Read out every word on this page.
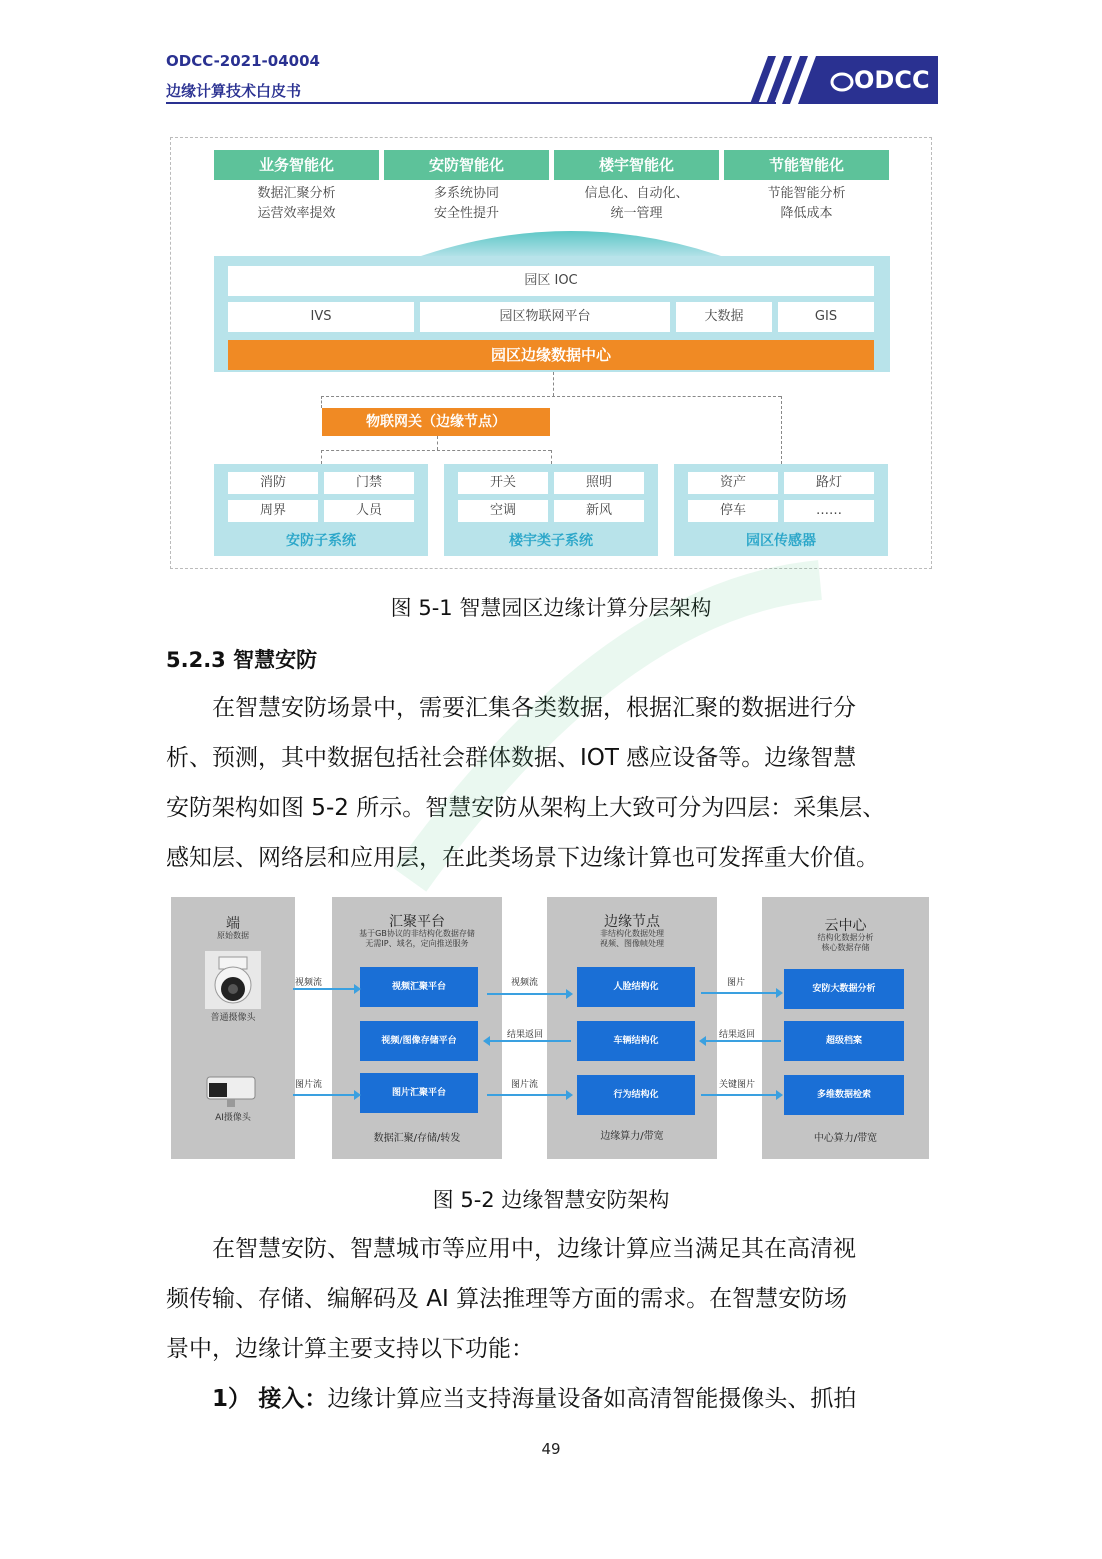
ODCC-2021-04004
边缘计算技术白皮书	ODCC
业务智能化
数据汇聚分析
运营效率提效
安防智能化
多系统协同
安全性提升
楼宇智能化
信息化、自动化、
统一管理
节能智能化
节能智能分析
降低成本
园区 IOC
IVS	园区物联网平台	大数据	GIS
园区边缘数据中心
物联网关（边缘节点）
消防	门禁
周界	人员
安防子系统
开关	照明
空调	新风
楼宇类子系统
资产	路灯
停车	……
园区传感器
图 5-1 智慧园区边缘计算分层架构
5.2.3 智慧安防

　　在智慧安防场景中，需要汇集各类数据，根据汇聚的数据进行分

析、预测，其中数据包括社会群体数据、IOT 感应设备等。边缘智慧

安防架构如图 5-2 所示。智慧安防从架构上大致可分为四层：采集层、

感知层、网络层和应用层，在此类场景下边缘计算也可发挥重大价值。

端
原始数据
普通摄像头
AI摄像头
汇聚平台
基于GB协议的非结构化数据存储
无需IP、域名，定向推送服务
视频汇聚平台
视频/图像存储平台
图片汇聚平台
数据汇聚/存储/转发
边缘节点
非结构化数据处理
视频、图像帧处理
人脸结构化
车辆结构化
行为结构化
边缘算力/带宽
云中心
结构化数据分析
核心数据存储
安防大数据分析
超级档案
多维数据检索
中心算力/带宽
视频流
图片流
视频流
结果返回
图片流
图片
结果返回
关键图片
图 5-2 边缘智慧安防架构

　　在智慧安防、智慧城市等应用中，边缘计算应当满足其在高清视

频传输、存储、编解码及 AI 算法推理等方面的需求。在智慧安防场

景中，边缘计算主要支持以下功能：

　　1） 接入：边缘计算应当支持海量设备如高清智能摄像头、抓拍

49
